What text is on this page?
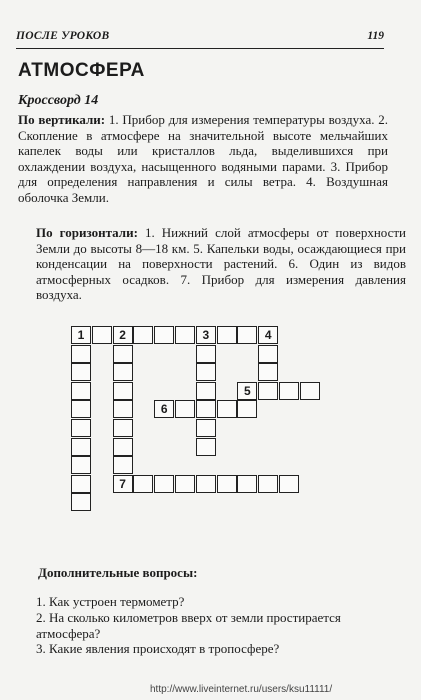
ПОСЛЕ УРОКОВ	119
АТМОСФЕРА
Кроссворд 14
По вертикали: 1. Прибор для измерения температуры воздуха. 2. Скопление в атмосфере на значительной высоте мельчайших капелек воды или кристаллов льда, выделившихся при охлаждении воздуха, насыщенного водяными парами. 3. Прибор для определения направления и силы ветра. 4. Воздушная оболочка Земли.
По горизонтали: 1. Нижний слой атмосферы от поверхности Земли до высоты 8—18 км. 5. Капельки воды, осаждающиеся при конденсации на поверхности растений. 6. Один из видов атмосферных осадков. 7. Прибор для измерения давления воздуха.
1	2	3	4
5
6
7
Дополнительные вопросы:
1. Как устроен термометр?
2. На сколько километров вверх от земли простирается атмосфера?
3. Какие явления происходят в тропосфере?
http://www.liveinternet.ru/users/ksu11111/
